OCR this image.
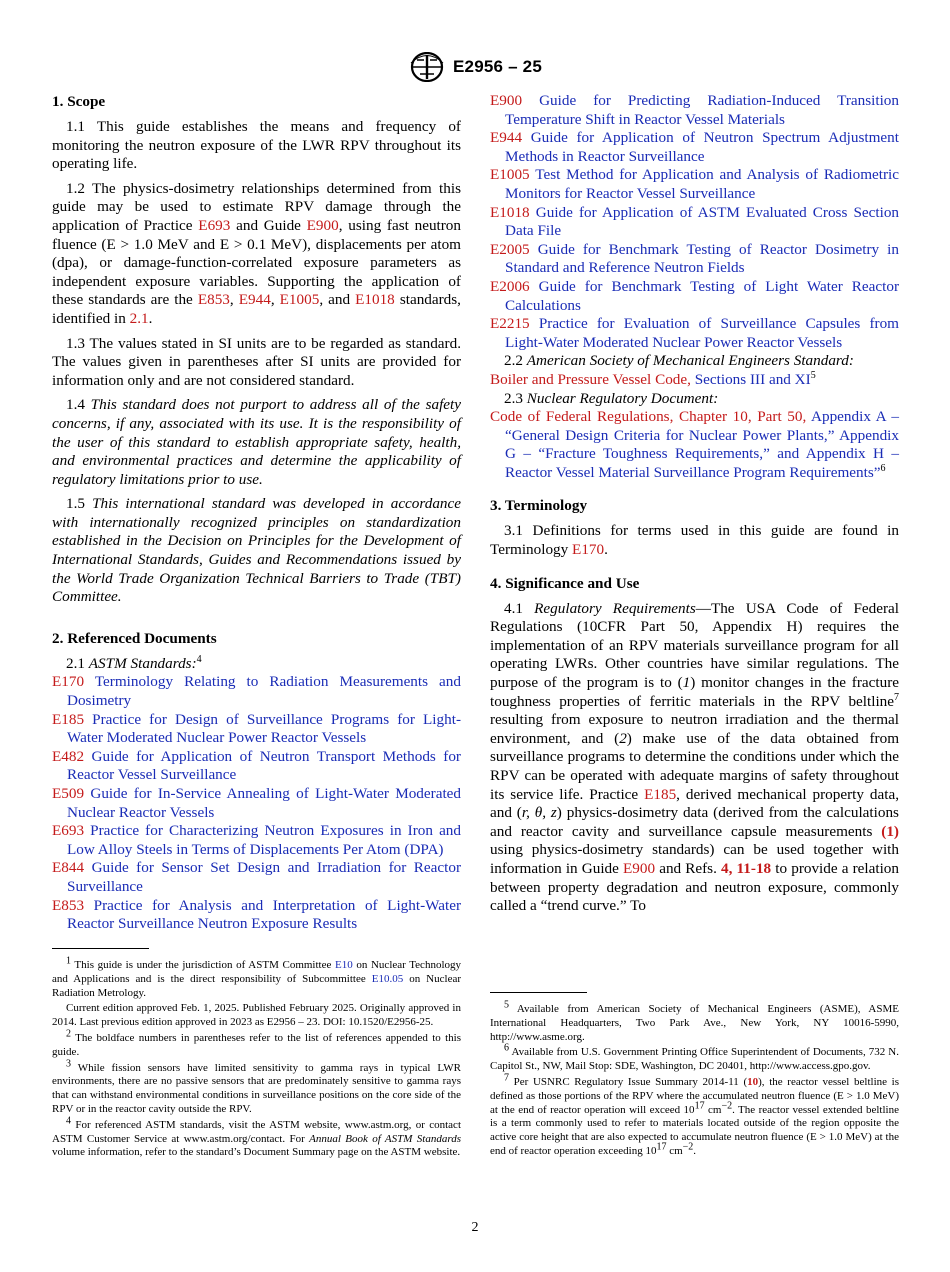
E2956 – 25
1. Scope

1.1 This guide establishes the means and frequency of monitoring the neutron exposure of the LWR RPV throughout its operating life.

1.2 The physics-dosimetry relationships determined from this guide may be used to estimate RPV damage through the application of Practice E693 and Guide E900, using fast neutron fluence (E > 1.0 MeV and E > 0.1 MeV), displacements per atom (dpa), or damage-function-correlated exposure parameters as independent exposure variables. Supporting the application of these standards are the E853, E944, E1005, and E1018 standards, identified in 2.1.

1.3 The values stated in SI units are to be regarded as standard. The values given in parentheses after SI units are provided for information only and are not considered standard.

1.4 This standard does not purport to address all of the safety concerns, if any, associated with its use. It is the responsibility of the user of this standard to establish appropriate safety, health, and environmental practices and determine the applicability of regulatory limitations prior to use.

1.5 This international standard was developed in accordance with internationally recognized principles on standardization established in the Decision on Principles for the Development of International Standards, Guides and Recommendations issued by the World Trade Organization Technical Barriers to Trade (TBT) Committee.

2. Referenced Documents

2.1 ASTM Standards:$^4$

E170 Terminology Relating to Radiation Measurements and Dosimetry

E185 Practice for Design of Surveillance Programs for Light-Water Moderated Nuclear Power Reactor Vessels

E482 Guide for Application of Neutron Transport Methods for Reactor Vessel Surveillance

E509 Guide for In-Service Annealing of Light-Water Moderated Nuclear Reactor Vessels

E693 Practice for Characterizing Neutron Exposures in Iron and Low Alloy Steels in Terms of Displacements Per Atom (DPA)

E844 Guide for Sensor Set Design and Irradiation for Reactor Surveillance

E853 Practice for Analysis and Interpretation of Light-Water Reactor Surveillance Neutron Exposure Results

$^1$ This guide is under the jurisdiction of ASTM Committee E10 on Nuclear Technology and Applications and is the direct responsibility of Subcommittee E10.05 on Nuclear Radiation Metrology.

Current edition approved Feb. 1, 2025. Published February 2025. Originally approved in 2014. Last previous edition approved in 2023 as E2956 – 23. DOI: 10.1520/E2956-25.

$^2$ The boldface numbers in parentheses refer to the list of references appended to this guide.

$^3$ While fission sensors have limited sensitivity to gamma rays in typical LWR environments, there are no passive sensors that are predominately sensitive to gamma rays that can withstand environmental conditions in surveillance positions on the core side of the RPV or in the reactor cavity outside the RPV.

$^4$ For referenced ASTM standards, visit the ASTM website, www.astm.org, or contact ASTM Customer Service at www.astm.org/contact. For Annual Book of ASTM Standards volume information, refer to the standard’s Document Summary page on the ASTM website.

E900 Guide for Predicting Radiation-Induced Transition Temperature Shift in Reactor Vessel Materials

E944 Guide for Application of Neutron Spectrum Adjustment Methods in Reactor Surveillance

E1005 Test Method for Application and Analysis of Radiometric Monitors for Reactor Vessel Surveillance

E1018 Guide for Application of ASTM Evaluated Cross Section Data File

E2005 Guide for Benchmark Testing of Reactor Dosimetry in Standard and Reference Neutron Fields

E2006 Guide for Benchmark Testing of Light Water Reactor Calculations

E2215 Practice for Evaluation of Surveillance Capsules from Light-Water Moderated Nuclear Power Reactor Vessels

2.2 American Society of Mechanical Engineers Standard:

Boiler and Pressure Vessel Code, Sections III and $XI^5$

2.3 Nuclear Regulatory Document:

Code of Federal Regulations, Chapter 10, Part 50, Appendix A – “General Design Criteria for Nuclear Power Plants,” Appendix G – “Fracture Toughness Requirements,” and Appendix H – Reactor Vessel Material Surveillance Program Requirements”$^6$

3. Terminology

3.1 Definitions for terms used in this guide are found in Terminology E170.

4. Significance and Use

4.1 Regulatory Requirements—The USA Code of Federal Regulations (10CFR Part 50, Appendix H) requires the implementation of an RPV materials surveillance program for all operating LWRs. Other countries have similar regulations. The purpose of the program is to (1) monitor changes in the fracture toughness properties of ferritic materials in the RPV beltline$^7$ resulting from exposure to neutron irradiation and the thermal environment, and (2) make use of the data obtained from surveillance programs to determine the conditions under which the RPV can be operated with adequate margins of safety throughout its service life. Practice E185, derived mechanical property data, and (r, θ, z) physics-dosimetry data (derived from the calculations and reactor cavity and surveillance capsule measurements (1) using physics-dosimetry standards) can be used together with information in Guide E900 and Refs. 4, 11-18 to provide a relation between property degradation and neutron exposure, commonly called a “trend curve.” To

$^5$ Available from American Society of Mechanical Engineers (ASME), ASME International Headquarters, Two Park Ave., New York, NY 10016-5990, http://www.asme.org.

$^6$ Available from U.S. Government Printing Office Superintendent of Documents, 732 N. Capitol St., NW, Mail Stop: SDE, Washington, DC 20401, http://www.access.gpo.gov.

$^7$ Per USNRC Regulatory Issue Summary 2014-11 (10), the reactor vessel beltline is defined as those portions of the RPV where the accumulated neutron fluence (E > 1.0 MeV) at the end of reactor operation will exceed $10^{17}$ $cm^{-2}$. The reactor vessel extended beltline is a term commonly used to refer to materials located outside of the region opposite the active core height that are also expected to accumulate neutron fluence (E > 1.0 MeV) at the end of reactor operation exceeding $10^{17}$ $cm^{-2}$.

2
